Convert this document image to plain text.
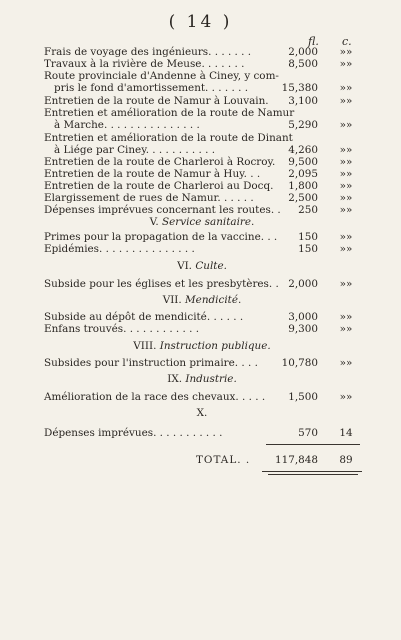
( 14 )
fl. c.
Frais de voyage des ingénieurs. . . . . . .	2,000	»»
Travaux à la rivière de Meuse. . . . . . .	8,500	»»
Route provinciale d'Andenne à Ciney, y com-
pris le fond d'amortissement. . . . . . .	15,380	»»
Entretien de la route de Namur à Louvain. 3,100	»»
Entretien et amélioration de la route de Namur
à Marche. . . . . . . . . . . . . . .	5,290	»»
Entretien et amélioration de la route de Dinant
à Liége par Ciney. . . . . . . . . . .	4,260	»»
Entretien de la route de Charleroi à Rocroy. 9,500	»»
Entretien de la route de Namur à Huy. . .	2,095	»»
Entretien de la route de Charleroi au Docq. 1,800	»»
Elargissement de rues de Namur. . . . . .	2,500	»»
Dépenses imprévues concernant les routes. . 250	»»
V. Service sanitaire.
Primes pour la propagation de la vaccine. . . 150	»»
Epidémies. . . . . . . . . . . . . . .	150	»»
VI. Culte.
Subside pour les églises et les presbytères. . 2,000	»»
VII. Mendicité.
Subside au dépôt de mendicité. . . . . .	3,000	»»
Enfans trouvés. . . . . . . . . . . .	9,300	»»
VIII. Instruction publique.
Subsides pour l'instruction primaire. . . . 10,780	»»
IX. Industrie.
Amélioration de la race des chevaux. . . . . 1,500	»»
X.
Dépenses imprévues. . . . . . . . . . .	570	14
TOTAL. . 117,848	89
